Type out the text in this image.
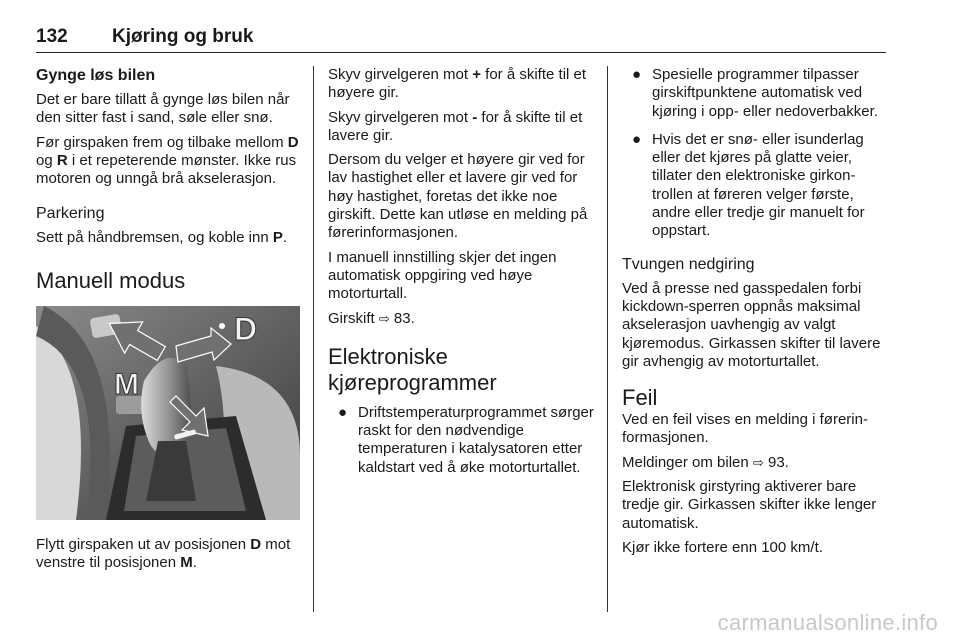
132 Kjøring og bruk
Gynge løs bilen

Det er bare tillatt å gynge løs bilen når den sitter fast i sand, søle eller snø.

Før girspaken frem og tilbake mellom D og R i et repeterende mønster. Ikke rus motoren og unngå brå akselerasjon.

Parkering

Sett på håndbremsen, og koble inn P.

Manuell modus
D
M

Flytt girspaken ut av posisjonen D mot venstre til posisjonen M.

Skyv girvelgeren mot + for å skifte til et høyere gir.

Skyv girvelgeren mot - for å skifte til et lavere gir.

Dersom du velger et høyere gir ved for lav hastighet eller et lavere gir ved for høy hastighet, foretas det ikke noe girskift. Dette kan utløse en melding på førerinformasjonen.

I manuell innstilling skjer det ingen automatisk oppgiring ved høye motorturtall.

Girskift ⇨ 83.

Elektroniske
kjøreprogrammer
● Driftstemperaturprogrammet sørger raskt for den nødvendige temperaturen i katalysatoren etter kaldstart ved å øke motorturtallet.
● Spesielle programmer tilpasser girskiftpunktene automatisk ved kjøring i opp- eller nedoverbakker.
● Hvis det er snø- eller isunderlag eller det kjøres på glatte veier, tillater den elektroniske girkontrollen at føreren velger første, andre eller tredje gir manuelt for oppstart.
Tvungen nedgiring

Ved å presse ned gasspedalen forbi kickdown-sperren oppnås maksimal akselerasjon uavhengig av valgt kjøremodus. Girkassen skifter til lavere gir avhengig av motorturtallet.

Feil

Ved en feil vises en melding i førerinformasjonen.

Meldinger om bilen ⇨ 93.

Elektronisk girstyring aktiverer bare tredje gir. Girkassen skifter ikke lenger automatisk.

Kjør ikke fortere enn 100 km/t.

carmanualsonline.info
